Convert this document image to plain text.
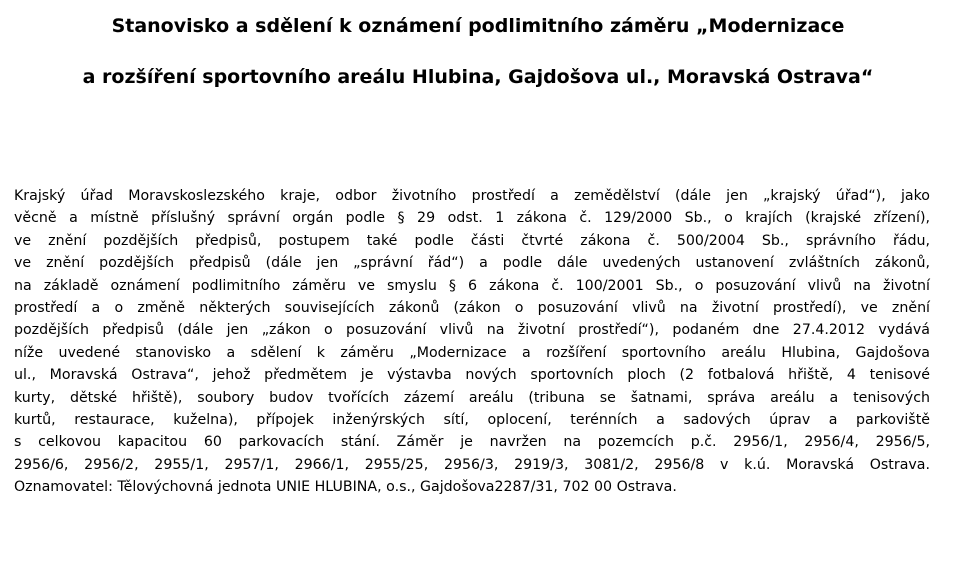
Stanovisko a sdělení k oznámení podlimitního záměru „Modernizace
a rozšíření sportovního areálu Hlubina, Gajdošova ul., Moravská Ostrava“
Krajský úřad Moravskoslezského kraje, odbor životního prostředí a zemědělství (dále jen „krajský úřad“), jako
věcně a místně příslušný správní orgán podle § 29 odst. 1 zákona č. 129/2000 Sb., o krajích (krajské zřízení),
ve znění pozdějších předpisů, postupem také podle části čtvrté zákona č. 500/2004 Sb., správního řádu,
ve znění pozdějších předpisů (dále jen „správní řád“) a podle dále uvedených ustanovení zvláštních zákonů,
na základě oznámení podlimitního záměru ve smyslu § 6 zákona č. 100/2001 Sb., o posuzování vlivů na životní
prostředí a o změně některých souvisejících zákonů (zákon o posuzování vlivů na životní prostředí), ve znění
pozdějších předpisů (dále jen „zákon o posuzování vlivů na životní prostředí“), podaném dne 27.4.2012 vydává
níže uvedené stanovisko a sdělení k záměru „Modernizace a rozšíření sportovního areálu Hlubina, Gajdošova
ul., Moravská Ostrava“, jehož předmětem je výstavba nových sportovních ploch (2 fotbalová hřiště, 4 tenisové
kurty, dětské hřiště), soubory budov tvořících zázemí areálu (tribuna se šatnami, správa areálu a tenisových
kurtů, restaurace, kuželna), přípojek inženýrských sítí, oplocení, terénních a sadových úprav a parkoviště
s celkovou kapacitou 60 parkovacích stání. Záměr je navržen na pozemcích p.č. 2956/1, 2956/4, 2956/5,
2956/6, 2956/2, 2955/1, 2957/1, 2966/1, 2955/25, 2956/3, 2919/3, 3081/2, 2956/8 v k.ú. Moravská Ostrava.
Oznamovatel: Tělovýchovná jednota UNIE HLUBINA, o.s., Gajdošova2287/31, 702 00 Ostrava.
